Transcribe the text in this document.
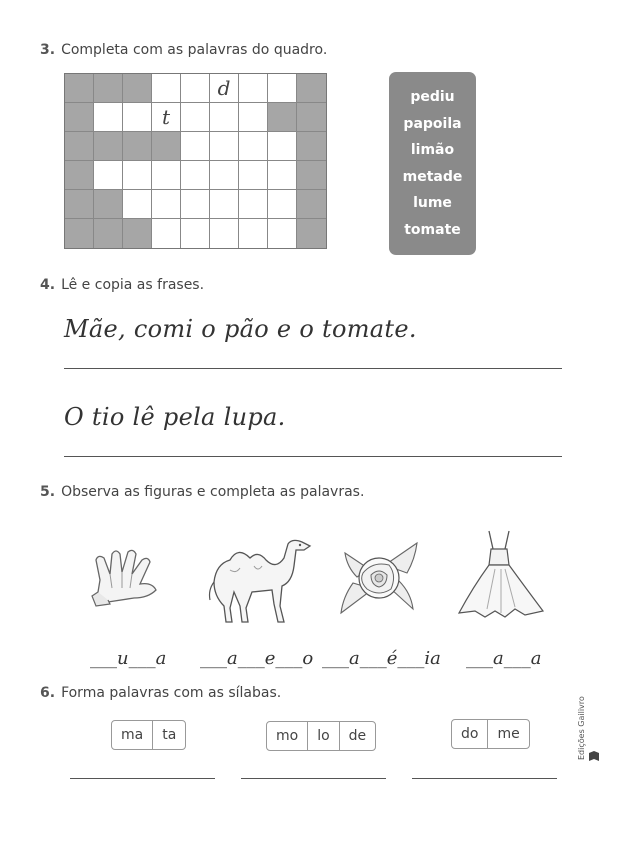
3. Completa com as palavras do quadro.
d
t
pediu
papoila
limão
metade
lume
tomate
4. Lê e copia as frases.
Mãe, comi o pão e o tomate.
O tio lê pela lupa.
5. Observa as figuras e completa as palavras.
___u___a ___a___e___o ___a___é___ia ___a___a
6. Forma palavras com as sílabas.
ma	ta	mo	lo	de	do	me	Edições Gailivro
